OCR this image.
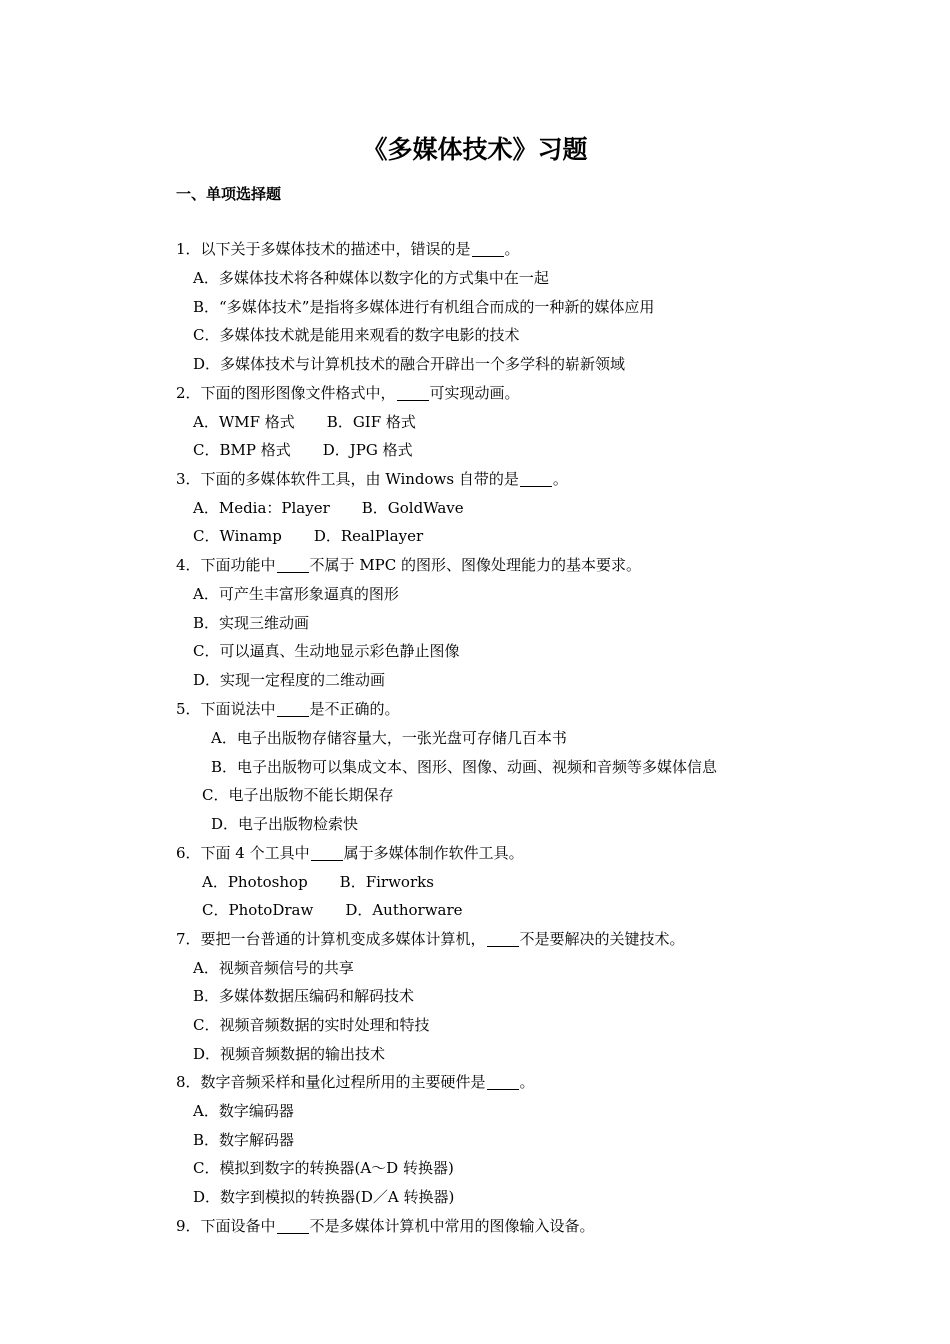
《多媒体技术》习题
一、单项选择题
1．以下关于多媒体技术的描述中，错误的是 。
A．多媒体技术将各种媒体以数字化的方式集中在一起
B．“多媒体技术”是指将多媒体进行有机组合而成的一种新的媒体应用
C．多媒体技术就是能用来观看的数字电影的技术
D．多媒体技术与计算机技术的融合开辟出一个多学科的崭新领域
2．下面的图形图像文件格式中， 可实现动画。
A．WMF 格式 B．GIF 格式
C．BMP 格式 D．JPG 格式
3．下面的多媒体软件工具，由 Windows 自带的是 。
A．Media：Player B．GoldWave
C．Winamp D．RealPlayer
4．下面功能中 不属于 MPC 的图形、图像处理能力的基本要求。
A．可产生丰富形象逼真的图形
B．实现三维动画
C．可以逼真、生动地显示彩色静止图像
D．实现一定程度的二维动画
5．下面说法中 是不正确的。
A．电子出版物存储容量大，一张光盘可存储几百本书
B．电子出版物可以集成文本、图形、图像、动画、视频和音频等多媒体信息
C．电子出版物不能长期保存
D．电子出版物检索快
6．下面 4 个工具中 属于多媒体制作软件工具。
A．Photoshop B．Firworks
C．PhotoDraw D．Authorware
7．要把一台普通的计算机变成多媒体计算机， 不是要解决的关键技术。
A．视频音频信号的共享
B．多媒体数据压编码和解码技术
C．视频音频数据的实时处理和特技
D．视频音频数据的输出技术
8．数字音频采样和量化过程所用的主要硬件是 。
A．数字编码器
B．数字解码器
C．模拟到数字的转换器(A～D 转换器)
D．数字到模拟的转换器(D／A 转换器)
9．下面设备中 不是多媒体计算机中常用的图像输入设备。
